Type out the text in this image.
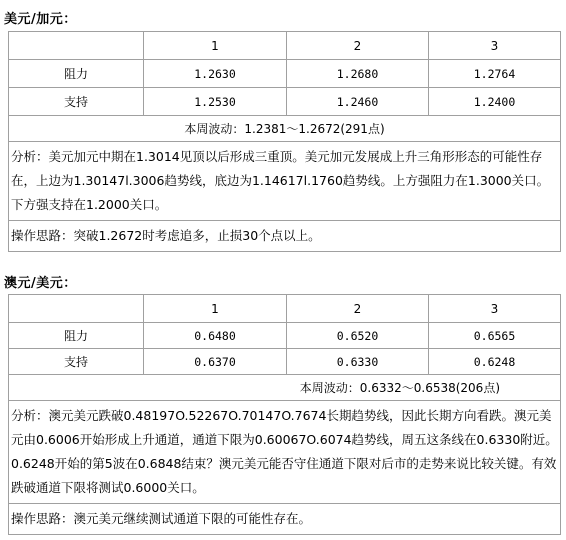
美元/加元：
	1	2	3
阻力	1.2630	1.2680	1.2764
支持	1.2530	1.2460	1.2400
本周波动：1.2381～1.2672(291点)			
分析：美元加元中期在1.3014见顶以后形成三重顶。美元加元发展成上升三角形形态的可能性存在，上边为1.30147l.3006趋势线，底边为1.14617l.1760趋势线。上方强阻力在1.3000关口。下方强支持在1.2000关口。			
操作思路：突破1.2672时考虑追多，止损30个点以上。			
澳元/美元：
	1	2	3
阻力	0.6480	0.6520	0.6565
支持	0.6370	0.6330	0.6248
本周波动：0.6332～0.6538(206点)			
分析：澳元美元跌破0.48197O.52267O.70147O.7674长期趋势线，因此长期方向看跌。澳元美元由0.6006开始形成上升通道，通道下限为0.60067O.6074趋势线，周五这条线在0.6330附近。0.6248开始的第5波在0.6848结束？澳元美元能否守住通道下限对后市的走势来说比较关键。有效跌破通道下限将测试0.6000关口。			
操作思路：澳元美元继续测试通道下限的可能性存在。			
